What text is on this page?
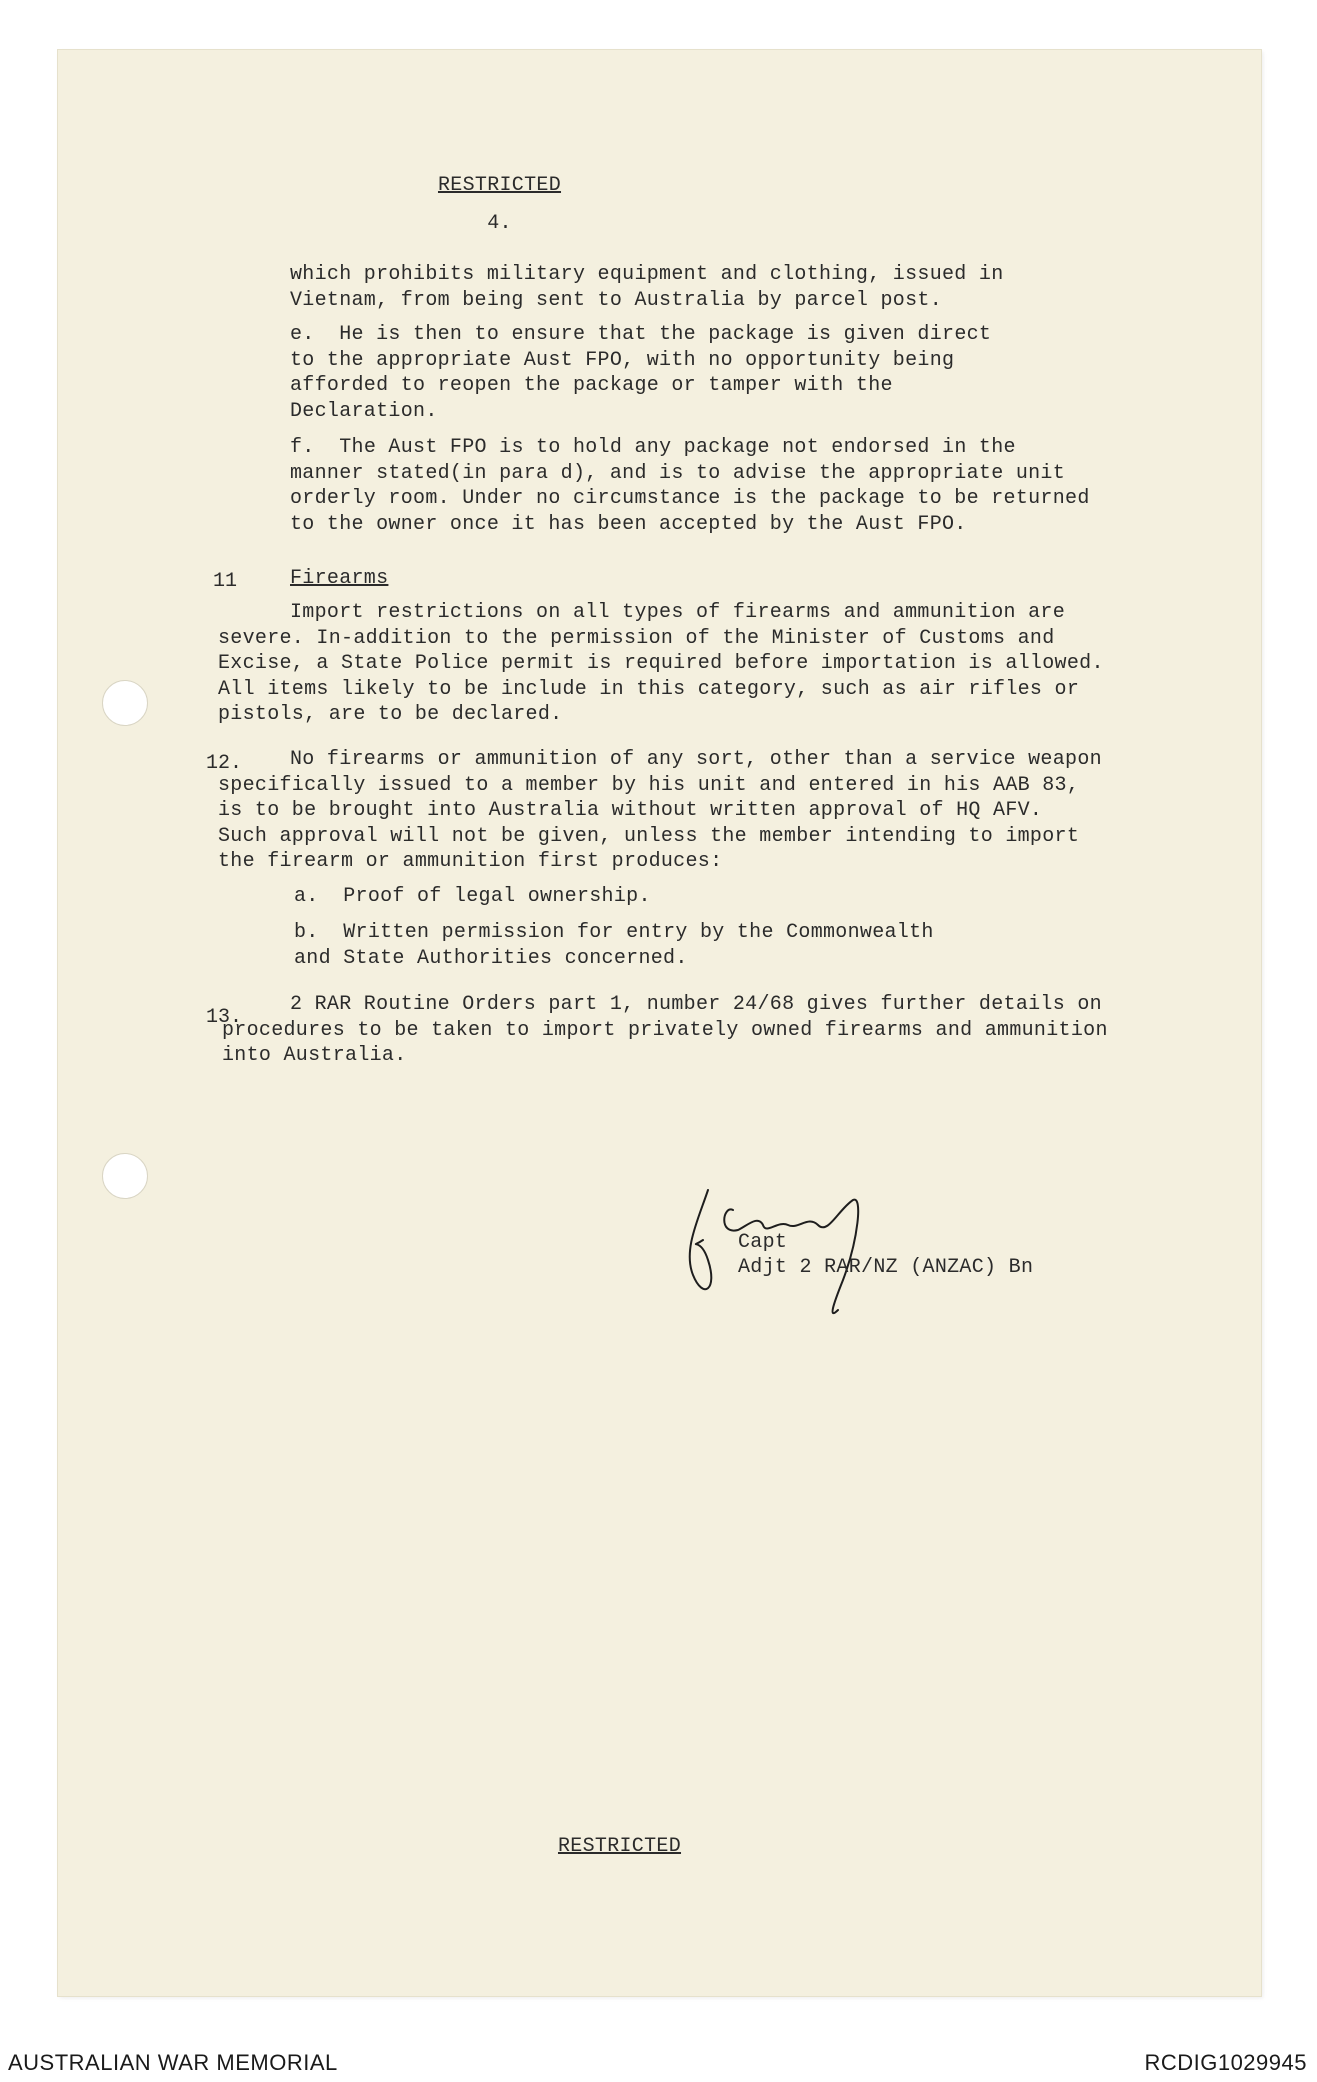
RESTRICTED
4.
which prohibits military equipment and clothing, issued in
Vietnam, from being sent to Australia by parcel post.
e. He is then to ensure that the package is given direct
to the appropriate Aust FPO, with no opportunity being
afforded to reopen the package or tamper with the
Declaration.
f. The Aust FPO is to hold any package not endorsed in the
manner stated(in para d), and is to advise the appropriate unit
orderly room. Under no circumstance is the package to be returned
to the owner once it has been accepted by the Aust FPO.
11	Firearms
Import restrictions on all types of firearms and ammunition are
severe. In-addition to the permission of the Minister of Customs and
Excise, a State Police permit is required before importation is allowed.
All items likely to be include in this category, such as air rifles or
pistols, are to be declared.
12. No firearms or ammunition of any sort, other than a service weapon
specifically issued to a member by his unit and entered in his AAB 83,
is to be brought into Australia without written approval of HQ AFV.
Such approval will not be given, unless the member intending to import
the firearm or ammunition first produces:
a. Proof of legal ownership.
b. Written permission for entry by the Commonwealth
and State Authorities concerned.
13.
2 RAR Routine Orders part 1, number 24/68 gives further details on
procedures to be taken to import privately owned firearms and ammunition
into Australia.
Capt
Adjt 2 RAR/NZ (ANZAC) Bn
RESTRICTED
AUSTRALIAN WAR MEMORIAL	RCDIG1029945
